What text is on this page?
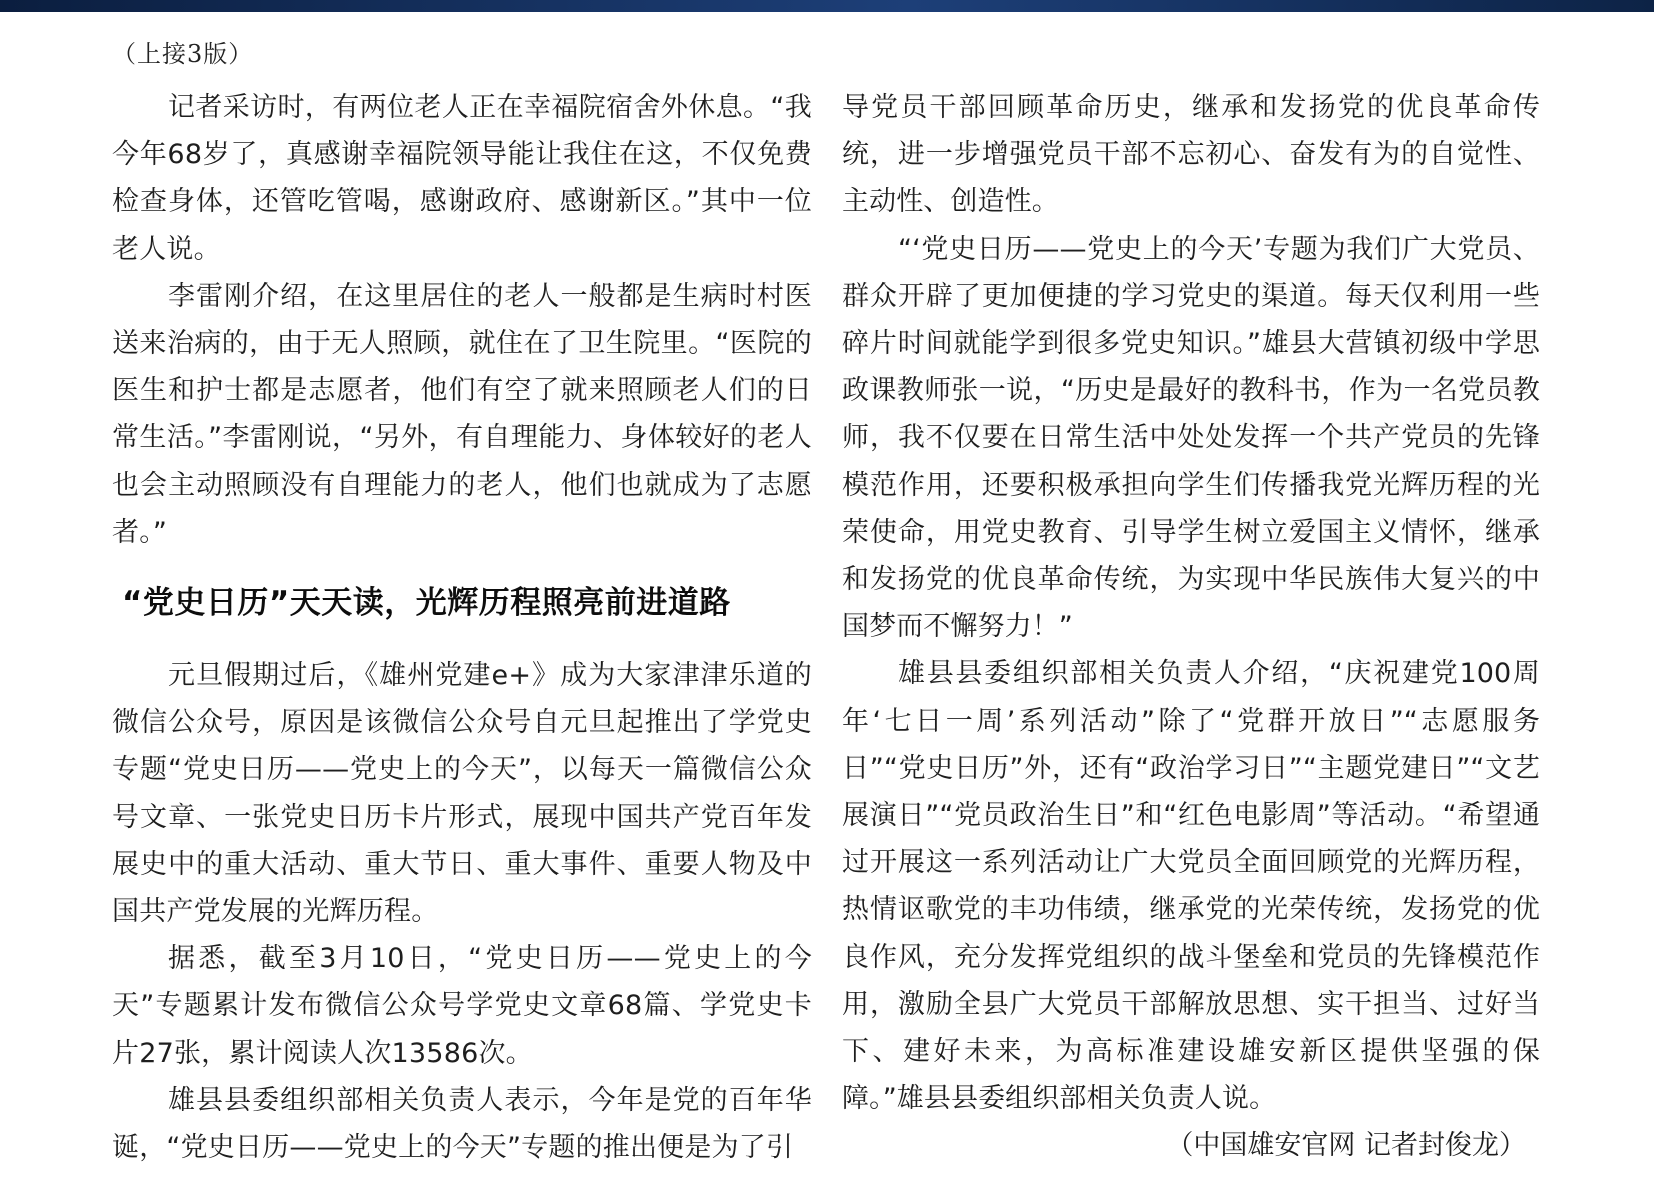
（上接3版）

记者采访时，有两位老人正在幸福院宿舍外休息。“我今年68岁了，真感谢幸福院领导能让我住在这，不仅免费检查身体，还管吃管喝，感谢政府、感谢新区。”其中一位老人说。

李雷刚介绍，在这里居住的老人一般都是生病时村医送来治病的，由于无人照顾，就住在了卫生院里。“医院的医生和护士都是志愿者，他们有空了就来照顾老人们的日常生活。”李雷刚说，“另外，有自理能力、身体较好的老人也会主动照顾没有自理能力的老人，他们也就成为了志愿者。”

“党史日历”天天读，光辉历程照亮前进道路

元旦假期过后，《雄州党建e+》成为大家津津乐道的微信公众号，原因是该微信公众号自元旦起推出了学党史专题“党史日历——党史上的今天”，以每天一篇微信公众号文章、一张党史日历卡片形式，展现中国共产党百年发展史中的重大活动、重大节日、重大事件、重要人物及中国共产党发展的光辉历程。

据悉，截至3月10日，“党史日历——党史上的今天”专题累计发布微信公众号学党史文章68篇、学党史卡片27张，累计阅读人次13586次。

雄县县委组织部相关负责人表示，今年是党的百年华诞，“党史日历——党史上的今天”专题的推出便是为了引

导党员干部回顾革命历史，继承和发扬党的优良革命传统，进一步增强党员干部不忘初心、奋发有为的自觉性、主动性、创造性。

“‘党史日历——党史上的今天’专题为我们广大党员、群众开辟了更加便捷的学习党史的渠道。每天仅利用一些碎片时间就能学到很多党史知识。”雄县大营镇初级中学思政课教师张一说，“历史是最好的教科书，作为一名党员教师，我不仅要在日常生活中处处发挥一个共产党员的先锋模范作用，还要积极承担向学生们传播我党光辉历程的光荣使命，用党史教育、引导学生树立爱国主义情怀，继承和发扬党的优良革命传统，为实现中华民族伟大复兴的中国梦而不懈努力！”

雄县县委组织部相关负责人介绍，“庆祝建党100周年‘七日一周’系列活动”除了“党群开放日”“志愿服务日”“党史日历”外，还有“政治学习日”“主题党建日”“文艺展演日”“党员政治生日”和“红色电影周”等活动。“希望通过开展这一系列活动让广大党员全面回顾党的光辉历程，热情讴歌党的丰功伟绩，继承党的光荣传统，发扬党的优良作风，充分发挥党组织的战斗堡垒和党员的先锋模范作用，激励全县广大党员干部解放思想、实干担当、过好当下、建好未来，为高标准建设雄安新区提供坚强的保障。”雄县县委组织部相关负责人说。

（中国雄安官网 记者封俊龙）
